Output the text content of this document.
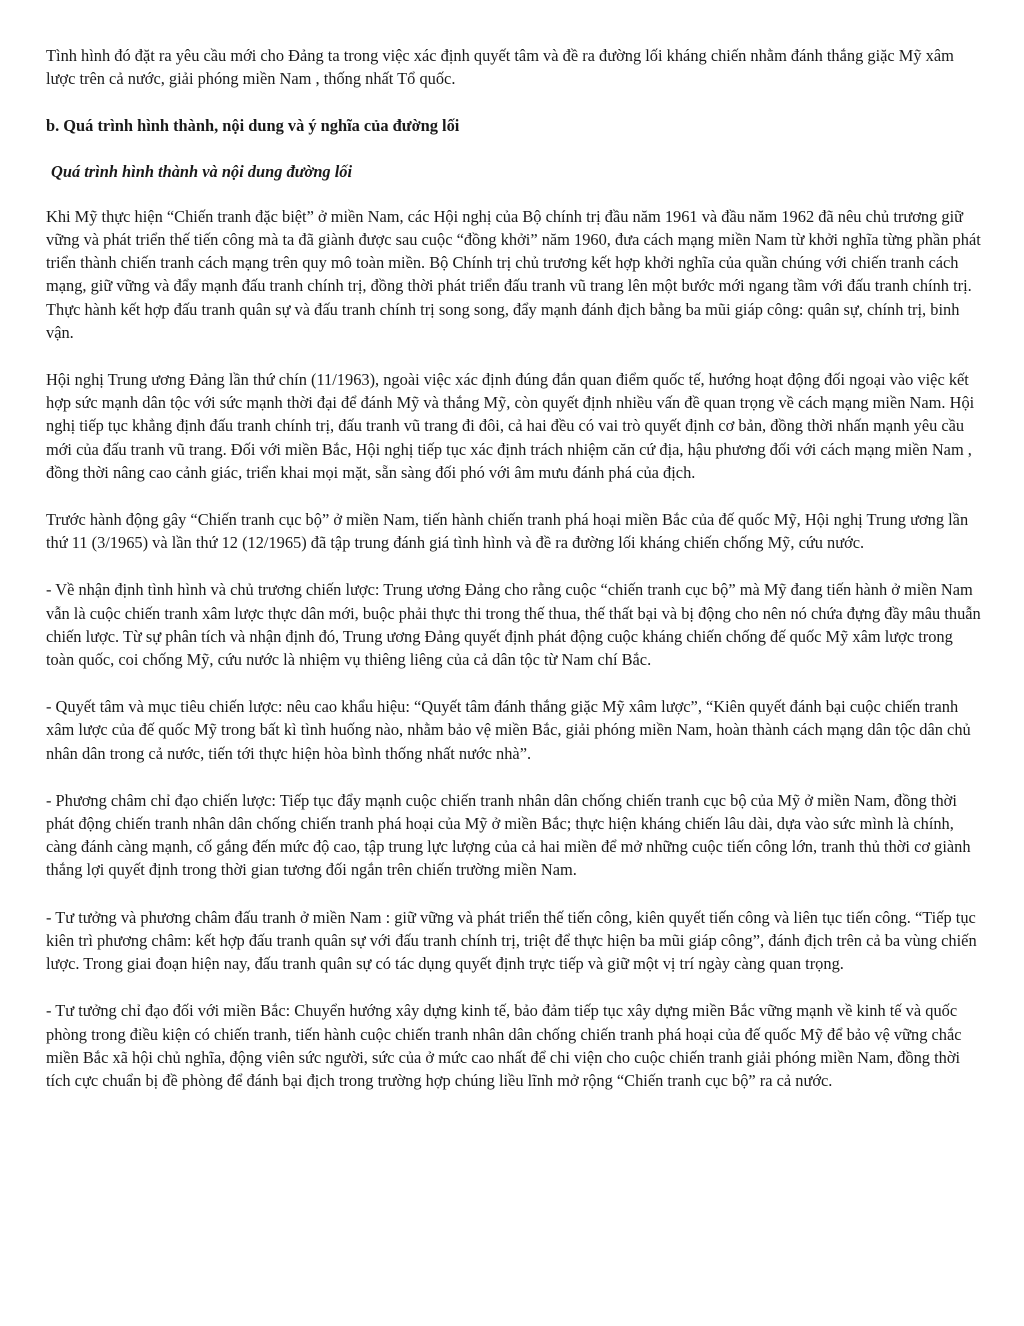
Tình hình đó đặt ra yêu cầu mới cho Đảng ta trong việc xác định quyết tâm và đề ra đường lối kháng chiến nhằm đánh thắng giặc Mỹ xâm lược trên cả nước, giải phóng miền Nam , thống nhất Tổ quốc.

b. Quá trình hình thành, nội dung và ý nghĩa của đường lối

Quá trình hình thành và nội dung đường lối

Khi Mỹ thực hiện “Chiến tranh đặc biệt” ở miền Nam, các Hội nghị của Bộ chính trị đầu năm 1961 và đầu năm 1962 đã nêu chủ trương giữ vững và phát triển thế tiến công mà ta đã giành được sau cuộc “đồng khởi” năm 1960, đưa cách mạng miền Nam từ khởi nghĩa từng phần phát triển thành chiến tranh cách mạng trên quy mô toàn miền. Bộ Chính trị chủ trương kết hợp khởi nghĩa của quần chúng với chiến tranh cách mạng, giữ vững và đẩy mạnh đấu tranh chính trị, đồng thời phát triển đấu tranh vũ trang lên một bước mới ngang tầm với đấu tranh chính trị. Thực hành kết hợp đấu tranh quân sự và đấu tranh chính trị song song, đẩy mạnh đánh địch bằng ba mũi giáp công: quân sự, chính trị, binh vận.

Hội nghị Trung ương Đảng lần thứ chín (11/1963), ngoài việc xác định đúng đắn quan điểm quốc tế, hướng hoạt động đối ngoại vào việc kết hợp sức mạnh dân tộc với sức mạnh thời đại để đánh Mỹ và thắng Mỹ, còn quyết định nhiều vấn đề quan trọng về cách mạng miền Nam. Hội nghị tiếp tục khẳng định đấu tranh chính trị, đấu tranh vũ trang đi đôi, cả hai đều có vai trò quyết định cơ bản, đồng thời nhấn mạnh yêu cầu mới của đấu tranh vũ trang. Đối với miền Bắc, Hội nghị tiếp tục xác định trách nhiệm căn cứ địa, hậu phương đối với cách mạng miền Nam , đồng thời nâng cao cảnh giác, triển khai mọi mặt, sẵn sàng đối phó với âm mưu đánh phá của địch.

Trước hành động gây “Chiến tranh cục bộ” ở miền Nam, tiến hành chiến tranh phá hoại miền Bắc của đế quốc Mỹ, Hội nghị Trung ương lần thứ 11 (3/1965) và lần thứ 12 (12/1965) đã tập trung đánh giá tình hình và đề ra đường lối kháng chiến chống Mỹ, cứu nước.

- Về nhận định tình hình và chủ trương chiến lược: Trung ương Đảng cho rằng cuộc “chiến tranh cục bộ” mà Mỹ đang tiến hành ở miền Nam vẫn là cuộc chiến tranh xâm lược thực dân mới, buộc phải thực thi trong thế thua, thế thất bại và bị động cho nên nó chứa đựng đầy mâu thuẫn chiến lược. Từ sự phân tích và nhận định đó, Trung ương Đảng quyết định phát động cuộc kháng chiến chống đế quốc Mỹ xâm lược trong toàn quốc, coi chống Mỹ, cứu nước là nhiệm vụ thiêng liêng của cả dân tộc từ Nam chí Bắc.

- Quyết tâm và mục tiêu chiến lược: nêu cao khẩu hiệu: “Quyết tâm đánh thắng giặc Mỹ xâm lược”, “Kiên quyết đánh bại cuộc chiến tranh xâm lược của đế quốc Mỹ trong bất kì tình huống nào, nhằm bảo vệ miền Bắc, giải phóng miền Nam, hoàn thành cách mạng dân tộc dân chủ nhân dân trong cả nước, tiến tới thực hiện hòa bình thống nhất nước nhà”.

- Phương châm chỉ đạo chiến lược: Tiếp tục đẩy mạnh cuộc chiến tranh nhân dân chống chiến tranh cục bộ của Mỹ ở miền Nam, đồng thời phát động chiến tranh nhân dân chống chiến tranh phá hoại của Mỹ ở miền Bắc; thực hiện kháng chiến lâu dài, dựa vào sức mình là chính, càng đánh càng mạnh, cố gắng đến mức độ cao, tập trung lực lượng của cả hai miền để mở những cuộc tiến công lớn, tranh thủ thời cơ giành thắng lợi quyết định trong thời gian tương đối ngắn trên chiến trường miền Nam.

- Tư tưởng và phương châm đấu tranh ở miền Nam : giữ vững và phát triển thế tiến công, kiên quyết tiến công và liên tục tiến công. “Tiếp tục kiên trì phương châm: kết hợp đấu tranh quân sự với đấu tranh chính trị, triệt để thực hiện ba mũi giáp công”, đánh địch trên cả ba vùng chiến lược. Trong giai đoạn hiện nay, đấu tranh quân sự có tác dụng quyết định trực tiếp và giữ một vị trí ngày càng quan trọng.

- Tư tưởng chỉ đạo đối với miền Bắc: Chuyển hướng xây dựng kinh tế, bảo đảm tiếp tục xây dựng miền Bắc vững mạnh về kinh tế và quốc phòng trong điều kiện có chiến tranh, tiến hành cuộc chiến tranh nhân dân chống chiến tranh phá hoại của đế quốc Mỹ để bảo vệ vững chắc miền Bắc xã hội chủ nghĩa, động viên sức người, sức của ở mức cao nhất để chi viện cho cuộc chiến tranh giải phóng miền Nam, đồng thời tích cực chuẩn bị đề phòng để đánh bại địch trong trường hợp chúng liều lĩnh mở rộng “Chiến tranh cục bộ” ra cả nước.
